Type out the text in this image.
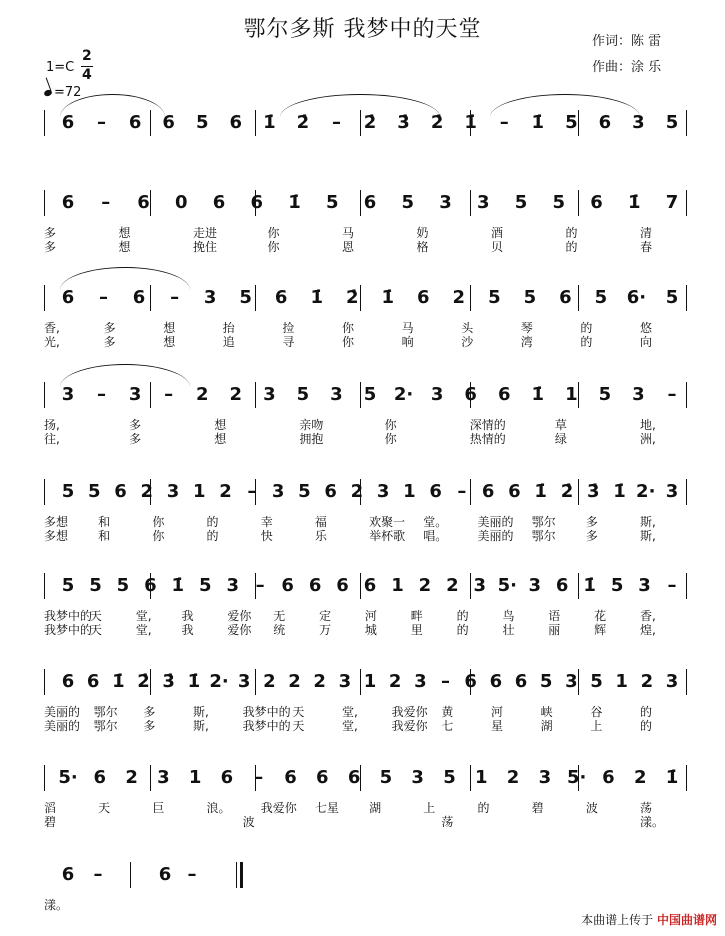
鄂尔多斯 我梦中的天堂	作词：陈 雷
作曲：涂 乐
1=C
2
4
=72
6 – 6 6 5 6 1̇ 2̇ – 2̇ 3̇ 2̇ 1̇ – 1̇ 5 6 3 5
6 – 6 0 6 6 1̇ 5 6 5 3 3 5 5 6 1̇ 7
多	想	走进	你	马	奶	酒	的	清
多	想	挽住	你	恩	格	贝	的	春
6 – 6 – 3 5 6 1̇ 2̇ 1̇ 6 2 5 5 6 5 6· 5
香,	多	想	抬	捡	你	马	头	琴	的	悠
光,	多	想	追	寻	你	响	沙	湾	的	向
3 – 3 – 2 2 3 5 3 5 2· 3 6 6 1̇ 1 5 3 –
扬,	多	想	亲吻	你	深情的	草	地,
往,	多	想	拥抱	你	热情的	绿	洲,
5 5 6 2 3 1 2 – 3 5 6 2 3 1 6 – 6 6 1̇ 2̇ 3̇ 1̇ 2· 3
多想	和	你	的	幸	福	欢聚一 堂。	美丽的 鄂尔	多	斯,
多想	和	你	的	快	乐	举杯歌 唱。	美丽的 鄂尔	多	斯,
5 5 5 6 1̇ 5 3 – 6 6 6 6 1 2 2 3 5· 3 6 1̇ 5 3 –
我梦中的
天	堂,	我	爱你 无	定	河	畔	的	鸟	语	花	香,
我梦中的
天	堂,	我	爱你 统	万	城	里	的	壮	丽	辉	煌,
6 6 1̇ 2̇ 3̇ 1̇ 2· 3 2 2 2 3 1 2 3 – 6 6 6 5 3 5 1 2 3
美丽的 鄂尔 多	斯,	我梦中的 天	堂,	我爱你 黄	河	峡	谷	的
美丽的 鄂尔 多	斯,	我梦中的 天	堂,	我爱你 七	星	湖	上	的
5· 6 2 3 1 6 – 6 6 6 5 3 5 1 2 3 5· 6 2 1̇
滔	天	巨	浪。	我爱你 七星	湖	上	的	碧	波	荡
碧	波	荡	漾。
6 –	6 –
漾。
本曲谱上传于 中国曲谱网
